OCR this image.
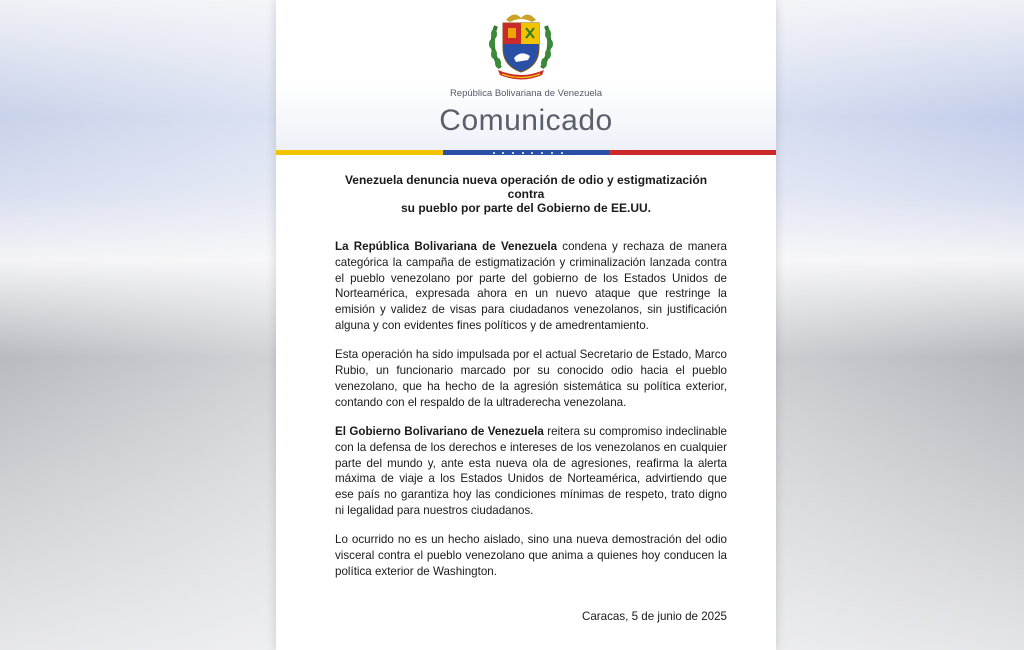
República Bolivariana de Venezuela
Comunicado
Venezuela denuncia nueva operación de odio y estigmatización contra
su pueblo por parte del Gobierno de EE.UU.

La República Bolivariana de Venezuela condena y rechaza de manera categórica la campaña de estigmatización y criminalización lanzada contra el pueblo venezolano por parte del gobierno de los Estados Unidos de Norteamérica, expresada ahora en un nuevo ataque que restringe la emisión y validez de visas para ciudadanos venezolanos, sin justificación alguna y con evidentes fines políticos y de amedrentamiento.

Esta operación ha sido impulsada por el actual Secretario de Estado, Marco Rubio, un funcionario marcado por su conocido odio hacia el pueblo venezolano, que ha hecho de la agresión sistemática su política exterior, contando con el respaldo de la ultraderecha venezolana.

El Gobierno Bolivariano de Venezuela reitera su compromiso indeclinable con la defensa de los derechos e intereses de los venezolanos en cualquier parte del mundo y, ante esta nueva ola de agresiones, reafirma la alerta máxima de viaje a los Estados Unidos de Norteamérica, advirtiendo que ese país no garantiza hoy las condiciones mínimas de respeto, trato digno ni legalidad para nuestros ciudadanos.

Lo ocurrido no es un hecho aislado, sino una nueva demostración del odio visceral contra el pueblo venezolano que anima a quienes hoy conducen la política exterior de Washington.

Caracas, 5 de junio de 2025
